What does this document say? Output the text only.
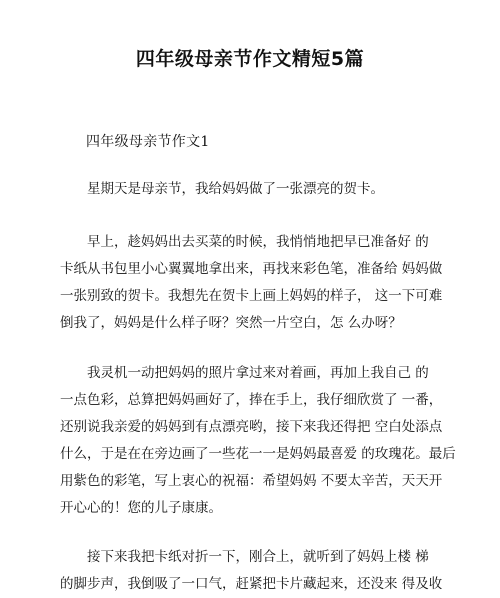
四年级母亲节作文精短5篇
四年级母亲节作文1
星期天是母亲节，我给妈妈做了一张漂亮的贺卡。
早上，趁妈妈出去买菜的时候，我悄悄地把早已准备好 的
卡纸从书包里小心翼翼地拿出来，再找来彩色笔，准备给 妈妈做
一张别致的贺卡。我想先在贺卡上画上妈妈的样子， 这一下可难
倒我了，妈妈是什么样子呀？突然一片空白，怎 么办呀？
我灵机一动把妈妈的照片拿过来对着画，再加上我自己 的
一点色彩，总算把妈妈画好了，捧在手上，我仔细欣赏了 一番，
还别说我亲爱的妈妈到有点漂亮哟，接下来我还得把 空白处添点
什么，于是在在旁边画了一些花一一是妈妈最喜爱 的玫瑰花。最后
用紫色的彩笔，写上衷心的祝福：希望妈妈 不要太辛苦，天天开
开心心的！您的儿子康康。
接下来我把卡纸对折一下，刚合上，就听到了妈妈上楼 梯
的脚步声，我倒吸了一口气，赶紧把卡片藏起来，还没来 得及收
